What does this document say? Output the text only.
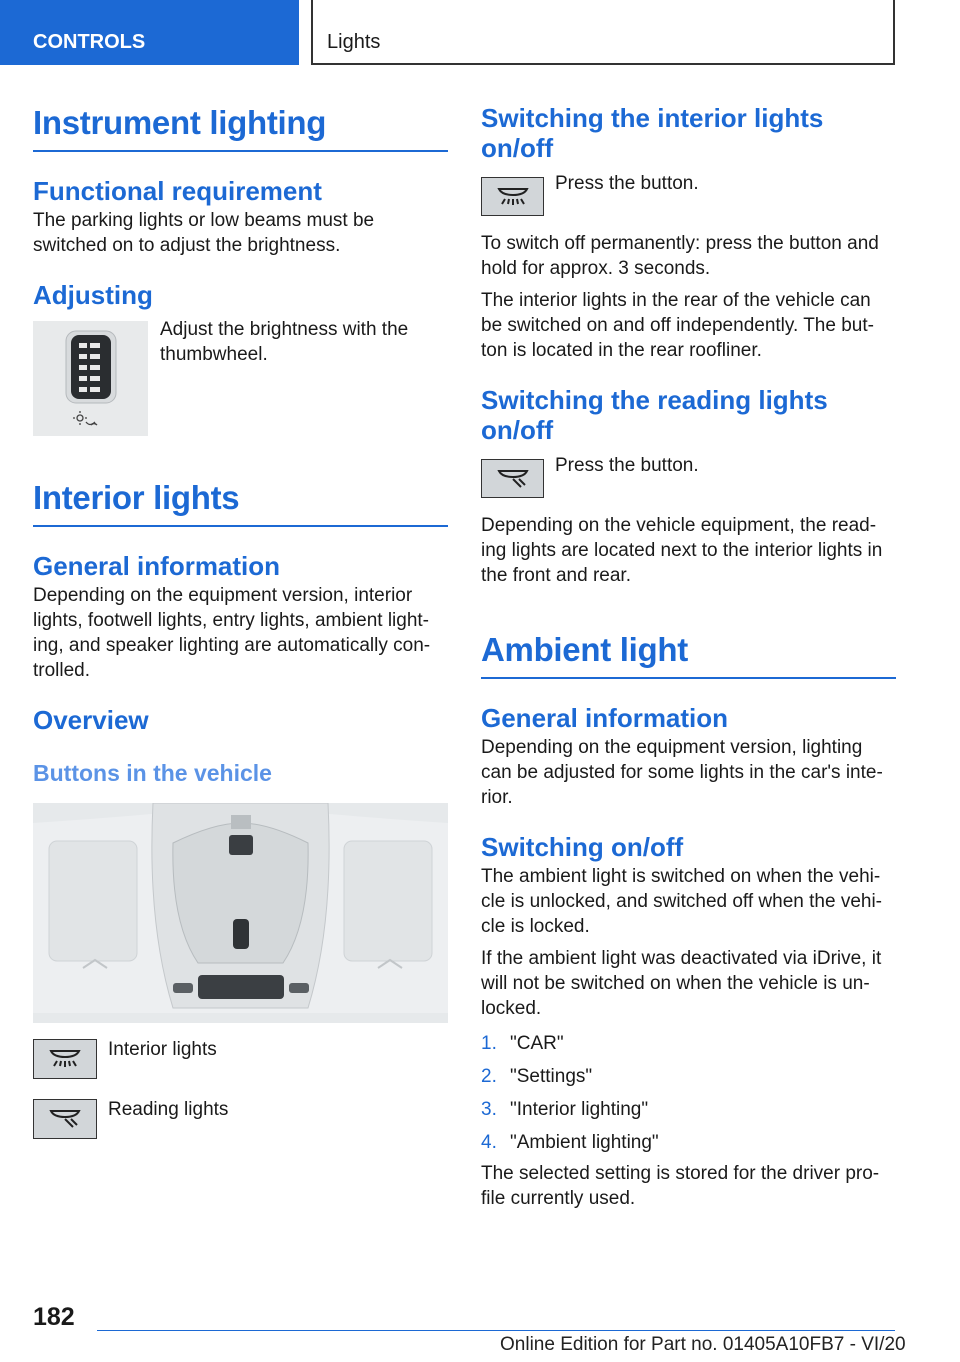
CONTROLS	Lights
Instrument lighting
Functional requirement

The parking lights or low beams must be switched on to adjust the brightness.

Adjusting

Adjust the brightness with the thumbwheel.

Interior lights
General information

Depending on the equipment version, interior lights, footwell lights, entry lights, ambient light-ing, and speaker lighting are automatically con-trolled.

Overview
Buttons in the vehicle

Interior lights

Reading lights

Switching the interior lights on/off

Press the button.

To switch off permanently: press the button and hold for approx. 3 seconds.

The interior lights in the rear of the vehicle can be switched on and off independently. The but-ton is located in the rear roofliner.

Switching the reading lights on/off

Press the button.

Depending on the vehicle equipment, the read-ing lights are located next to the interior lights in the front and rear.

Ambient light
General information

Depending on the equipment version, lighting can be adjusted for some lights in the car's inte-rior.

Switching on/off

The ambient light is switched on when the vehi-cle is unlocked, and switched off when the vehi-cle is locked.

If the ambient light was deactivated via iDrive, it will not be switched on when the vehicle is un-locked.

1. "CAR"
2. "Settings"
3. "Interior lighting"
4. "Ambient lighting"

The selected setting is stored for the driver pro-file currently used.

182
Online Edition for Part no. 01405A10FB7 - VI/20
